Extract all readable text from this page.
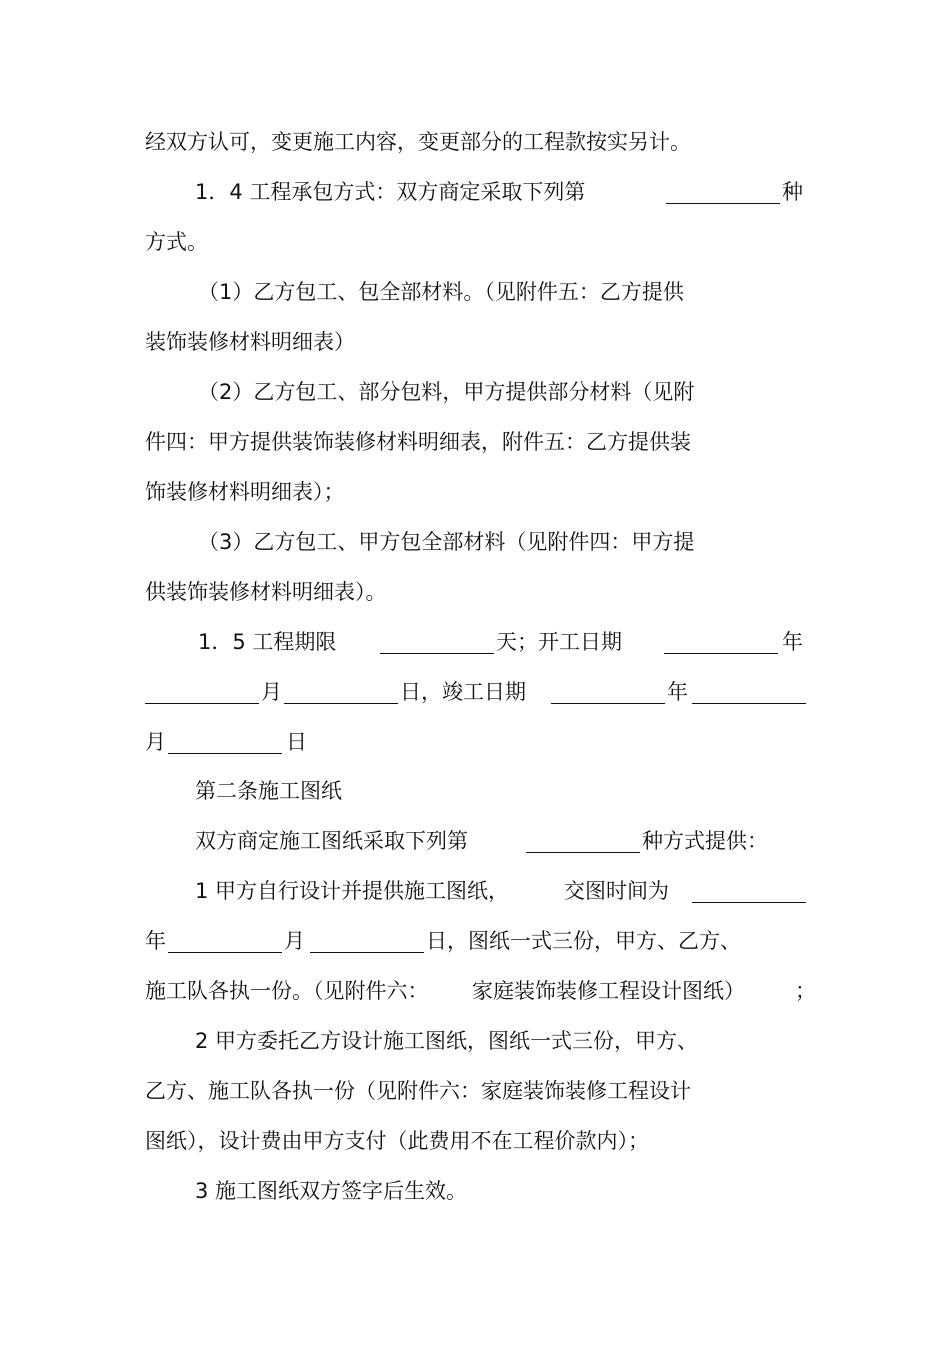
经双方认可，变更施工内容，变更部分的工程款按实另计。
1．4 工程承包方式：双方商定采取下列第	种
方式。
（1）乙方包工、包全部材料。（见附件五：乙方提供
装饰装修材料明细表）
（2）乙方包工、部分包料，甲方提供部分材料（见附
件四：甲方提供装饰装修材料明细表，附件五：乙方提供装
饰装修材料明细表）；
（3）乙方包工、甲方包全部材料（见附件四：甲方提
供装饰装修材料明细表）。
1．5 工程期限	天；开工日期	年
月	日，竣工日期	年
月	日
第二条施工图纸
双方商定施工图纸采取下列第	种方式提供：
1 甲方自行设计并提供施工图纸，	交图时间为
年	月	日，图纸一式三份，甲方、乙方、
施工队各执一份。（见附件六： 家庭装饰装修工程设计图纸） ；
2 甲方委托乙方设计施工图纸，图纸一式三份，甲方、
乙方、施工队各执一份（见附件六：家庭装饰装修工程设计
图纸），设计费由甲方支付（此费用不在工程价款内）；
3 施工图纸双方签字后生效。
